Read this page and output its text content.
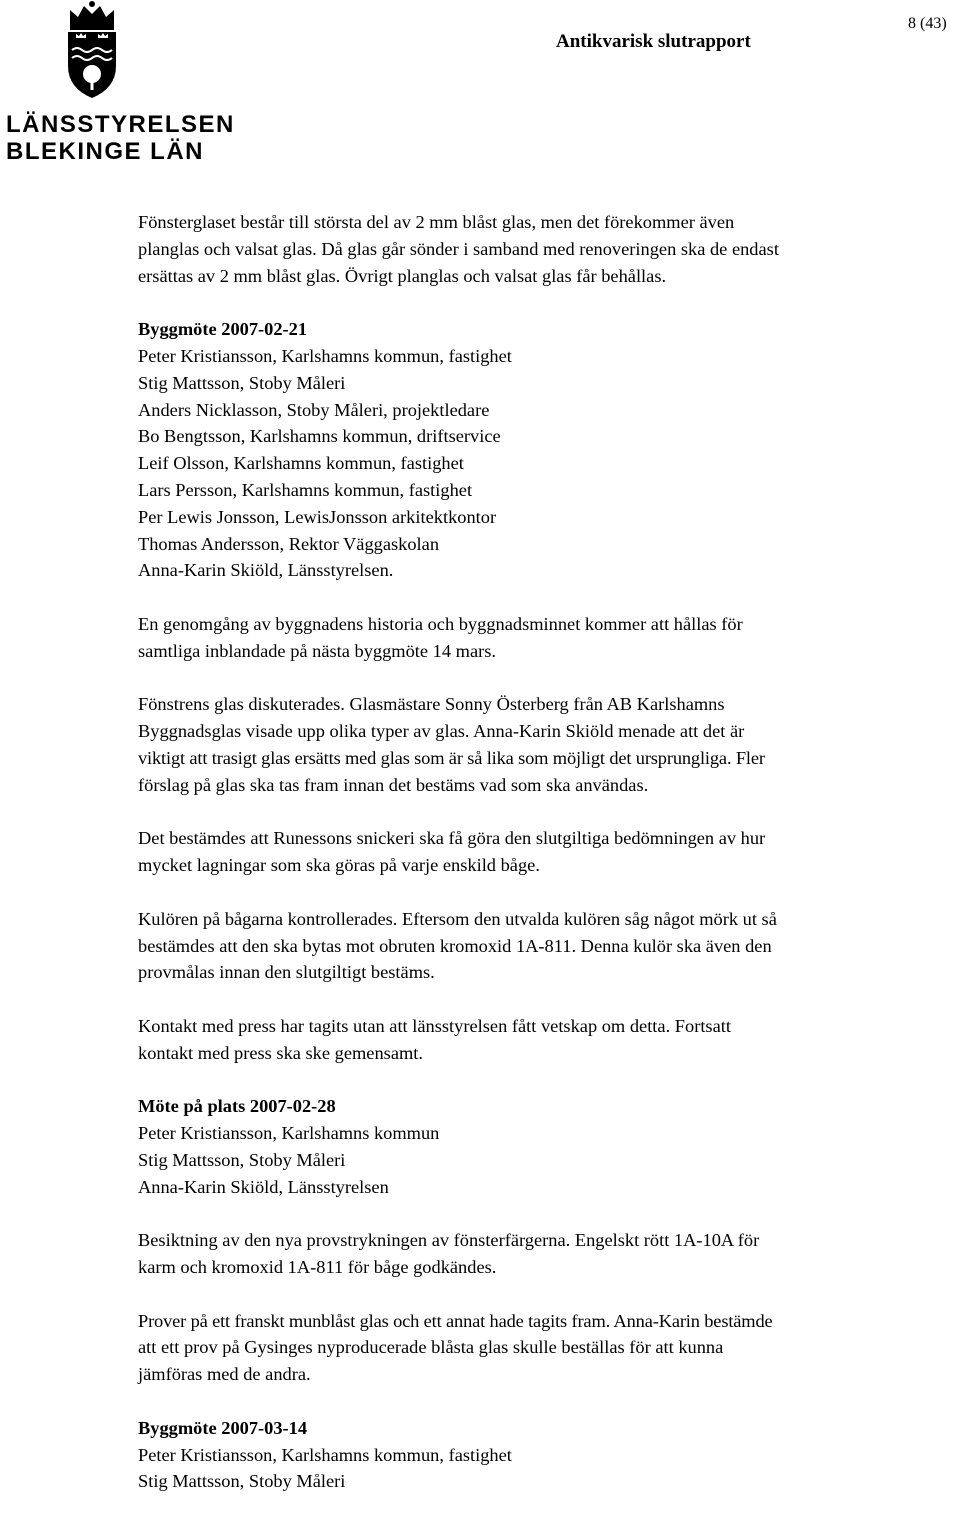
LÄNSSTYRELSEN
BLEKINGE LÄN
Antikvarisk slutrapport
8 (43)
Fönsterglaset består till största del av 2 mm blåst glas, men det förekommer även
planglas och valsat glas. Då glas går sönder i samband med renoveringen ska de endast
ersättas av 2 mm blåst glas. Övrigt planglas och valsat glas får behållas.
Byggmöte 2007-02-21
Peter Kristiansson, Karlshamns kommun, fastighet
Stig Mattsson, Stoby Måleri
Anders Nicklasson, Stoby Måleri, projektledare
Bo Bengtsson, Karlshamns kommun, driftservice
Leif Olsson, Karlshamns kommun, fastighet
Lars Persson, Karlshamns kommun, fastighet
Per Lewis Jonsson, LewisJonsson arkitektkontor
Thomas Andersson, Rektor Väggaskolan
Anna-Karin Skiöld, Länsstyrelsen.
En genomgång av byggnadens historia och byggnadsminnet kommer att hållas för
samtliga inblandade på nästa byggmöte 14 mars.
Fönstrens glas diskuterades. Glasmästare Sonny Österberg från AB Karlshamns
Byggnadsglas visade upp olika typer av glas. Anna-Karin Skiöld menade att det är
viktigt att trasigt glas ersätts med glas som är så lika som möjligt det ursprungliga. Fler
förslag på glas ska tas fram innan det bestäms vad som ska användas.
Det bestämdes att Runessons snickeri ska få göra den slutgiltiga bedömningen av hur
mycket lagningar som ska göras på varje enskild båge.
Kulören på bågarna kontrollerades. Eftersom den utvalda kulören såg något mörk ut så
bestämdes att den ska bytas mot obruten kromoxid 1A-811. Denna kulör ska även den
provmålas innan den slutgiltigt bestäms.
Kontakt med press har tagits utan att länsstyrelsen fått vetskap om detta. Fortsatt
kontakt med press ska ske gemensamt.
Möte på plats 2007-02-28
Peter Kristiansson, Karlshamns kommun
Stig Mattsson, Stoby Måleri
Anna-Karin Skiöld, Länsstyrelsen
Besiktning av den nya provstrykningen av fönsterfärgerna. Engelskt rött 1A-10A för
karm och kromoxid 1A-811 för båge godkändes.
Prover på ett franskt munblåst glas och ett annat hade tagits fram. Anna-Karin bestämde
att ett prov på Gysinges nyproducerade blåsta glas skulle beställas för att kunna
jämföras med de andra.
Byggmöte 2007-03-14
Peter Kristiansson, Karlshamns kommun, fastighet
Stig Mattsson, Stoby Måleri
